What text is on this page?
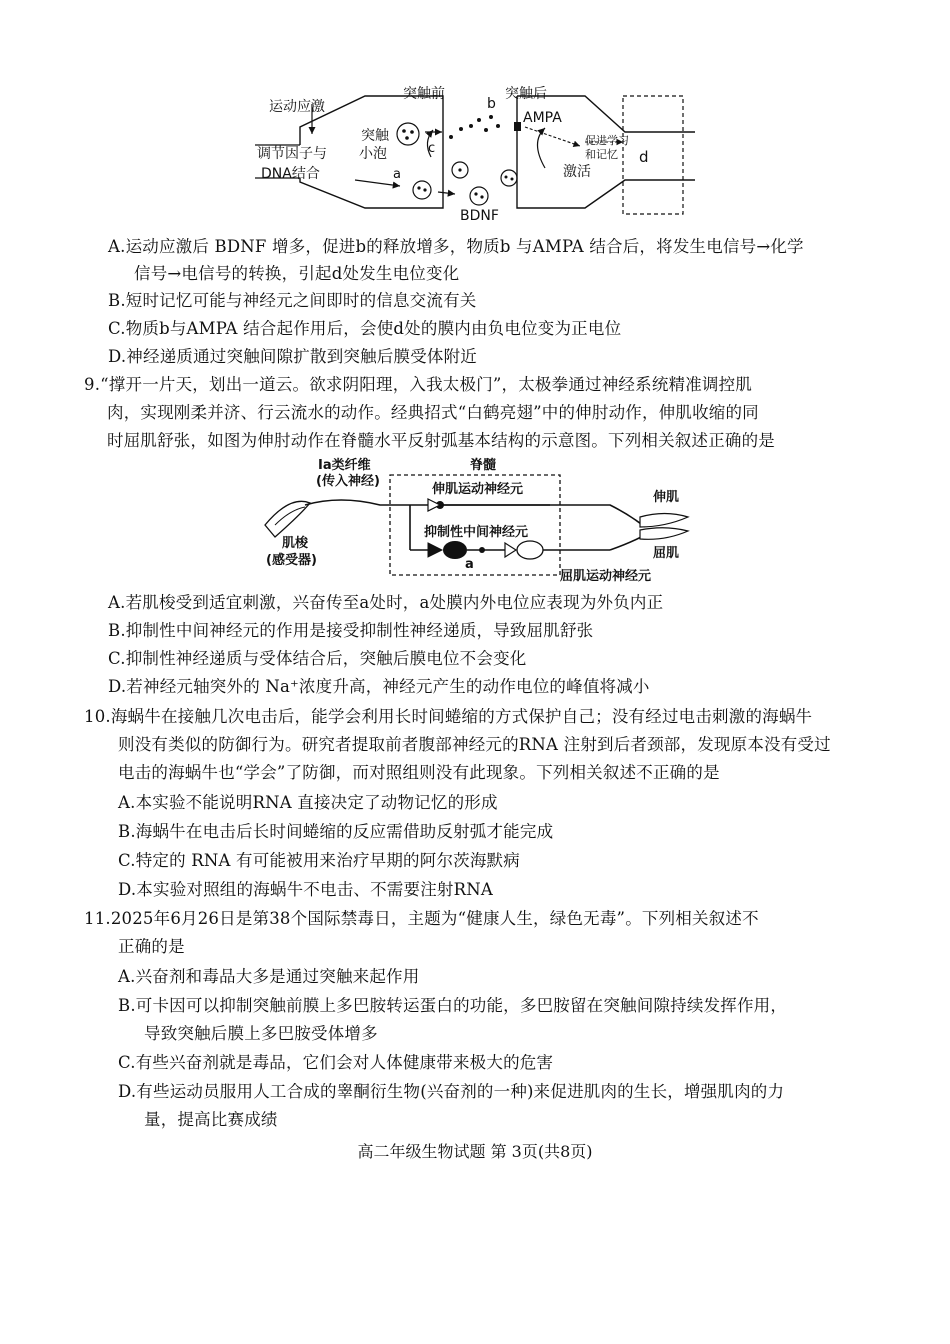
运动应激
调节因子与
DNA结合
突触前	突触后
突触
小泡
b
c
a
BDNF
AMPA
促进学习
和记忆
激活
d
A.运动应激后 BDNF 增多，促进b的释放增多，物质b 与AMPA 结合后，将发生电信号→化学
信号→电信号的转换，引起d处发生电位变化
B.短时记忆可能与神经元之间即时的信息交流有关
C.物质b与AMPA 结合起作用后，会使d处的膜内由负电位变为正电位
D.神经递质通过突触间隙扩散到突触后膜受体附近
9.“撑开一片天，划出一道云。欲求阴阳理，入我太极门”，太极拳通过神经系统精准调控肌
肉，实现刚柔并济、行云流水的动作。经典招式“白鹤亮翅”中的伸肘动作，伸肌收缩的同
时屈肌舒张，如图为伸肘动作在脊髓水平反射弧基本结构的示意图。下列相关叙述正确的是
Ia类纤维
(传入神经)
脊髓
伸肌运动神经元
抑制性中间神经元
a
肌梭
(感受器)
伸肌
屈肌
屈肌运动神经元
A.若肌梭受到适宜刺激，兴奋传至a处时，a处膜内外电位应表现为外负内正
B.抑制性中间神经元的作用是接受抑制性神经递质，导致屈肌舒张
C.抑制性神经递质与受体结合后，突触后膜电位不会变化
D.若神经元轴突外的 Na⁺浓度升高，神经元产生的动作电位的峰值将减小
10.海蜗牛在接触几次电击后，能学会利用长时间蜷缩的方式保护自己；没有经过电击刺激的海蜗牛
则没有类似的防御行为。研究者提取前者腹部神经元的RNA 注射到后者颈部，发现原本没有受过
电击的海蜗牛也“学会”了防御，而对照组则没有此现象。下列相关叙述不正确的是
A.本实验不能说明RNA 直接决定了动物记忆的形成
B.海蜗牛在电击后长时间蜷缩的反应需借助反射弧才能完成
C.特定的 RNA 有可能被用来治疗早期的阿尔茨海默病
D.本实验对照组的海蜗牛不电击、不需要注射RNA
11.2025年6月26日是第38个国际禁毒日，主题为“健康人生，绿色无毒”。下列相关叙述不
正确的是
A.兴奋剂和毒品大多是通过突触来起作用
B.可卡因可以抑制突触前膜上多巴胺转运蛋白的功能，多巴胺留在突触间隙持续发挥作用，
导致突触后膜上多巴胺受体增多
C.有些兴奋剂就是毒品，它们会对人体健康带来极大的危害
D.有些运动员服用人工合成的睾酮衍生物(兴奋剂的一种)来促进肌肉的生长，增强肌肉的力
量，提高比赛成绩
高二年级生物试题 第 3页(共8页)
